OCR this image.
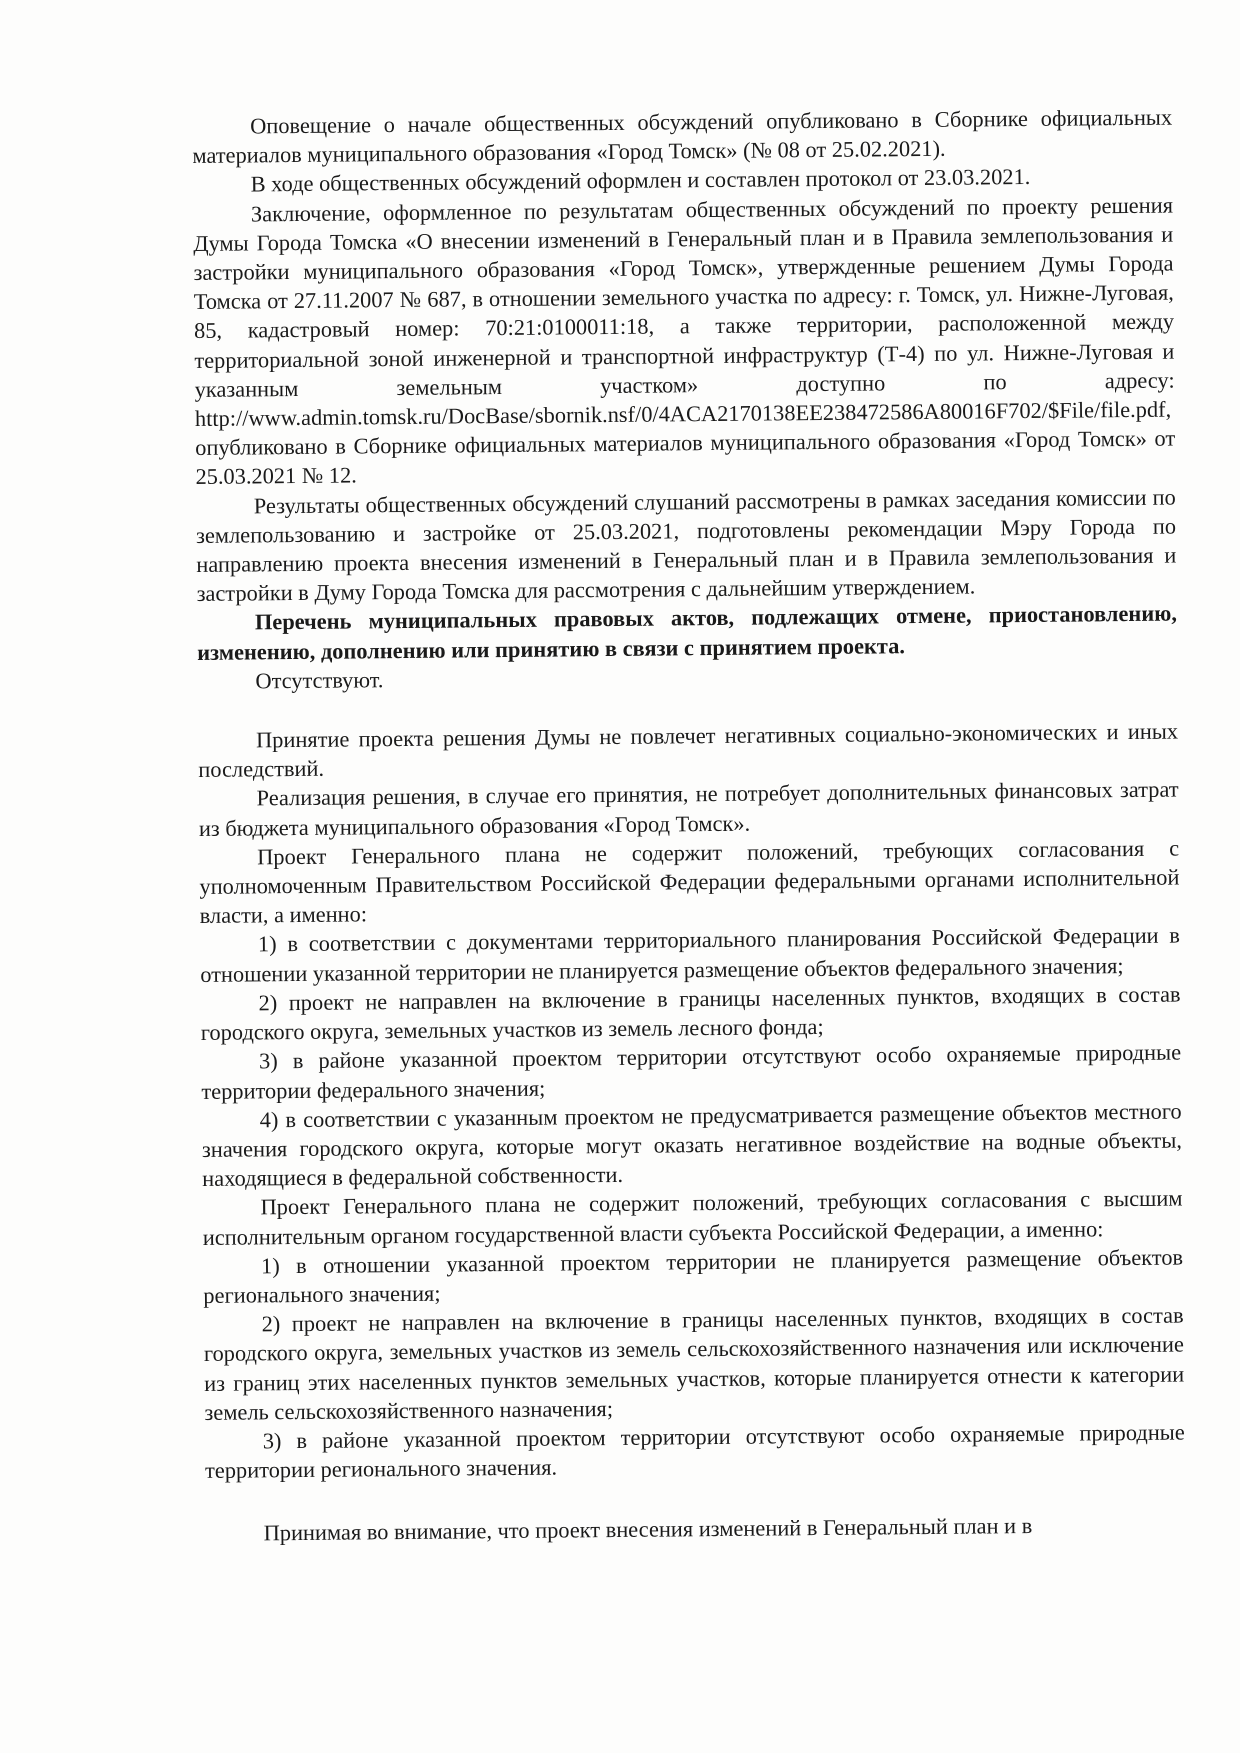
Оповещение о начале общественных обсуждений опубликовано в Сборнике официальных материалов муниципального образования «Город Томск» (№ 08 от 25.02.2021).

В ходе общественных обсуждений оформлен и составлен протокол от 23.03.2021.

Заключение, оформленное по результатам общественных обсуждений по проекту решения Думы Города Томска «О внесении изменений в Генеральный план и в Правила землепользования и застройки муниципального образования «Город Томск», утвержденные решением Думы Города Томска от 27.11.2007 № 687, в отношении земельного участка по адресу: г. Томск, ул. Нижне-Луговая, 85, кадастровый номер: 70:21:0100011:18, а также территории, расположенной между территориальной зоной инженерной и транспортной инфраструктур (Т-4) по ул. Нижне-Луговая и указанным земельным участком» доступно по адресу: http://www.admin.tomsk.ru/DocBase/sbornik.nsf/0/4ACA2170138EE238472586A80016F702/$File/file.pdf, опубликовано в Сборнике официальных материалов муниципального образования «Город Томск» от 25.03.2021 № 12.

Результаты общественных обсуждений слушаний рассмотрены в рамках заседания комиссии по землепользованию и застройке от 25.03.2021, подготовлены рекомендации Мэру Города по направлению проекта внесения изменений в Генеральный план и в Правила землепользования и застройки в Думу Города Томска для рассмотрения с дальнейшим утверждением.

Перечень муниципальных правовых актов, подлежащих отмене, приостановлению, изменению, дополнению или принятию в связи с принятием проекта.

Отсутствуют.

Принятие проекта решения Думы не повлечет негативных социально-экономических и иных последствий.

Реализация решения, в случае его принятия, не потребует дополнительных финансовых затрат из бюджета муниципального образования «Город Томск».

Проект Генерального плана не содержит положений, требующих согласования с уполномоченным Правительством Российской Федерации федеральными органами исполнительной власти, а именно:

1) в соответствии с документами территориального планирования Российской Федерации в отношении указанной территории не планируется размещение объектов федерального значения;

2) проект не направлен на включение в границы населенных пунктов, входящих в состав городского округа, земельных участков из земель лесного фонда;

3) в районе указанной проектом территории отсутствуют особо охраняемые природные территории федерального значения;

4) в соответствии с указанным проектом не предусматривается размещение объектов местного значения городского округа, которые могут оказать негативное воздействие на водные объекты, находящиеся в федеральной собственности.

Проект Генерального плана не содержит положений, требующих согласования с высшим исполнительным органом государственной власти субъекта Российской Федерации, а именно:

1) в отношении указанной проектом территории не планируется размещение объектов регионального значения;

2) проект не направлен на включение в границы населенных пунктов, входящих в состав городского округа, земельных участков из земель сельскохозяйственного назначения или исключение из границ этих населенных пунктов земельных участков, которые планируется отнести к категории земель сельскохозяйственного назначения;

3) в районе указанной проектом территории отсутствуют особо охраняемые природные территории регионального значения.

Принимая во внимание, что проект внесения изменений в Генеральный план и в
